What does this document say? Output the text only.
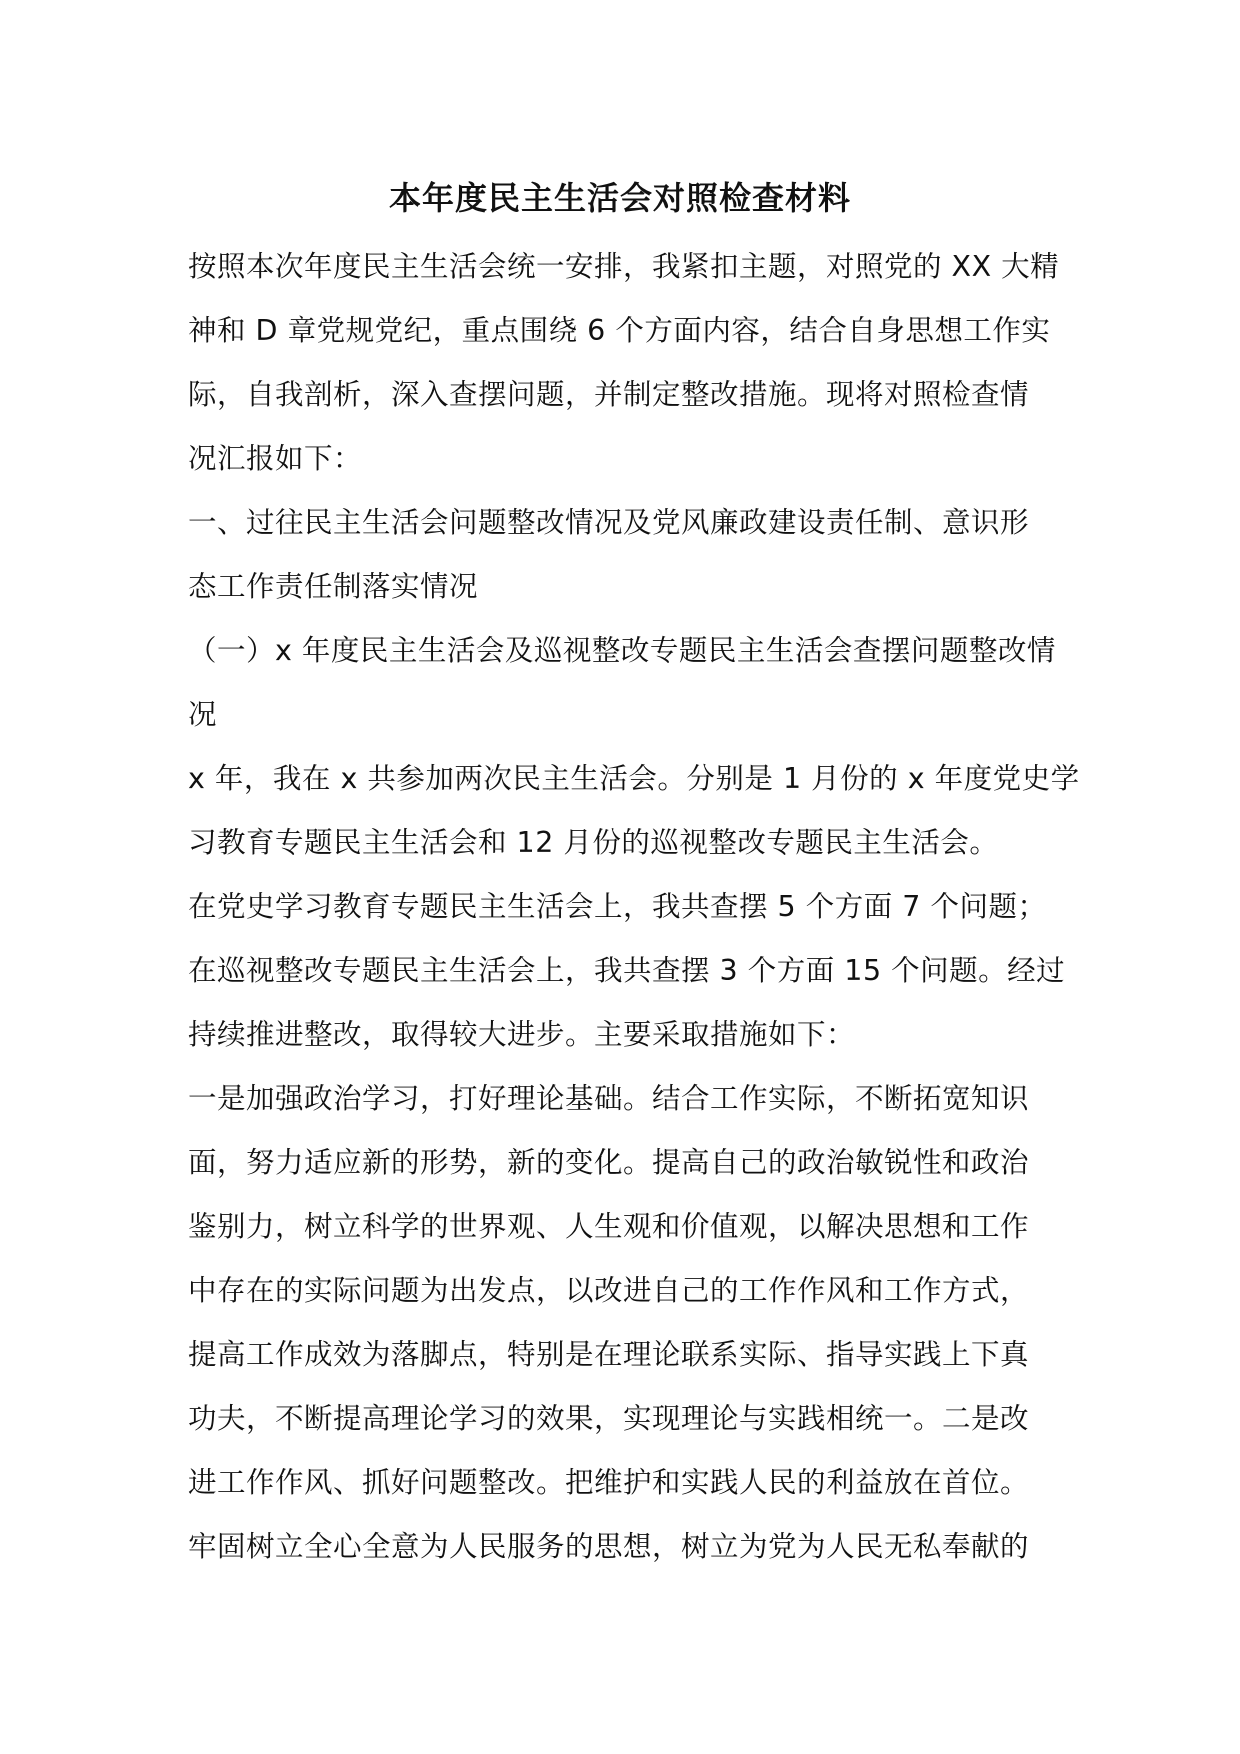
本年度民主生活会对照检查材料
按照本次年度民主生活会统一安排，我紧扣主题，对照党的 XX 大精
神和 D 章党规党纪，重点围绕 6 个方面内容，结合自身思想工作实
际，自我剖析，深入查摆问题，并制定整改措施。现将对照检查情
况汇报如下：
一、过往民主生活会问题整改情况及党风廉政建设责任制、意识形
态工作责任制落实情况
（一）x 年度民主生活会及巡视整改专题民主生活会查摆问题整改情
况
x 年，我在 x 共参加两次民主生活会。分别是 1 月份的 x 年度党史学
习教育专题民主生活会和 12 月份的巡视整改专题民主生活会。
在党史学习教育专题民主生活会上，我共查摆 5 个方面 7 个问题；
在巡视整改专题民主生活会上，我共查摆 3 个方面 15 个问题。经过
持续推进整改，取得较大进步。主要采取措施如下：
一是加强政治学习，打好理论基础。结合工作实际，不断拓宽知识
面，努力适应新的形势，新的变化。提高自己的政治敏锐性和政治
鉴别力，树立科学的世界观、人生观和价值观，以解决思想和工作
中存在的实际问题为出发点，以改进自己的工作作风和工作方式，
提高工作成效为落脚点，特别是在理论联系实际、指导实践上下真
功夫，不断提高理论学习的效果，实现理论与实践相统一。二是改
进工作作风、抓好问题整改。把维护和实践人民的利益放在首位。
牢固树立全心全意为人民服务的思想，树立为党为人民无私奉献的
